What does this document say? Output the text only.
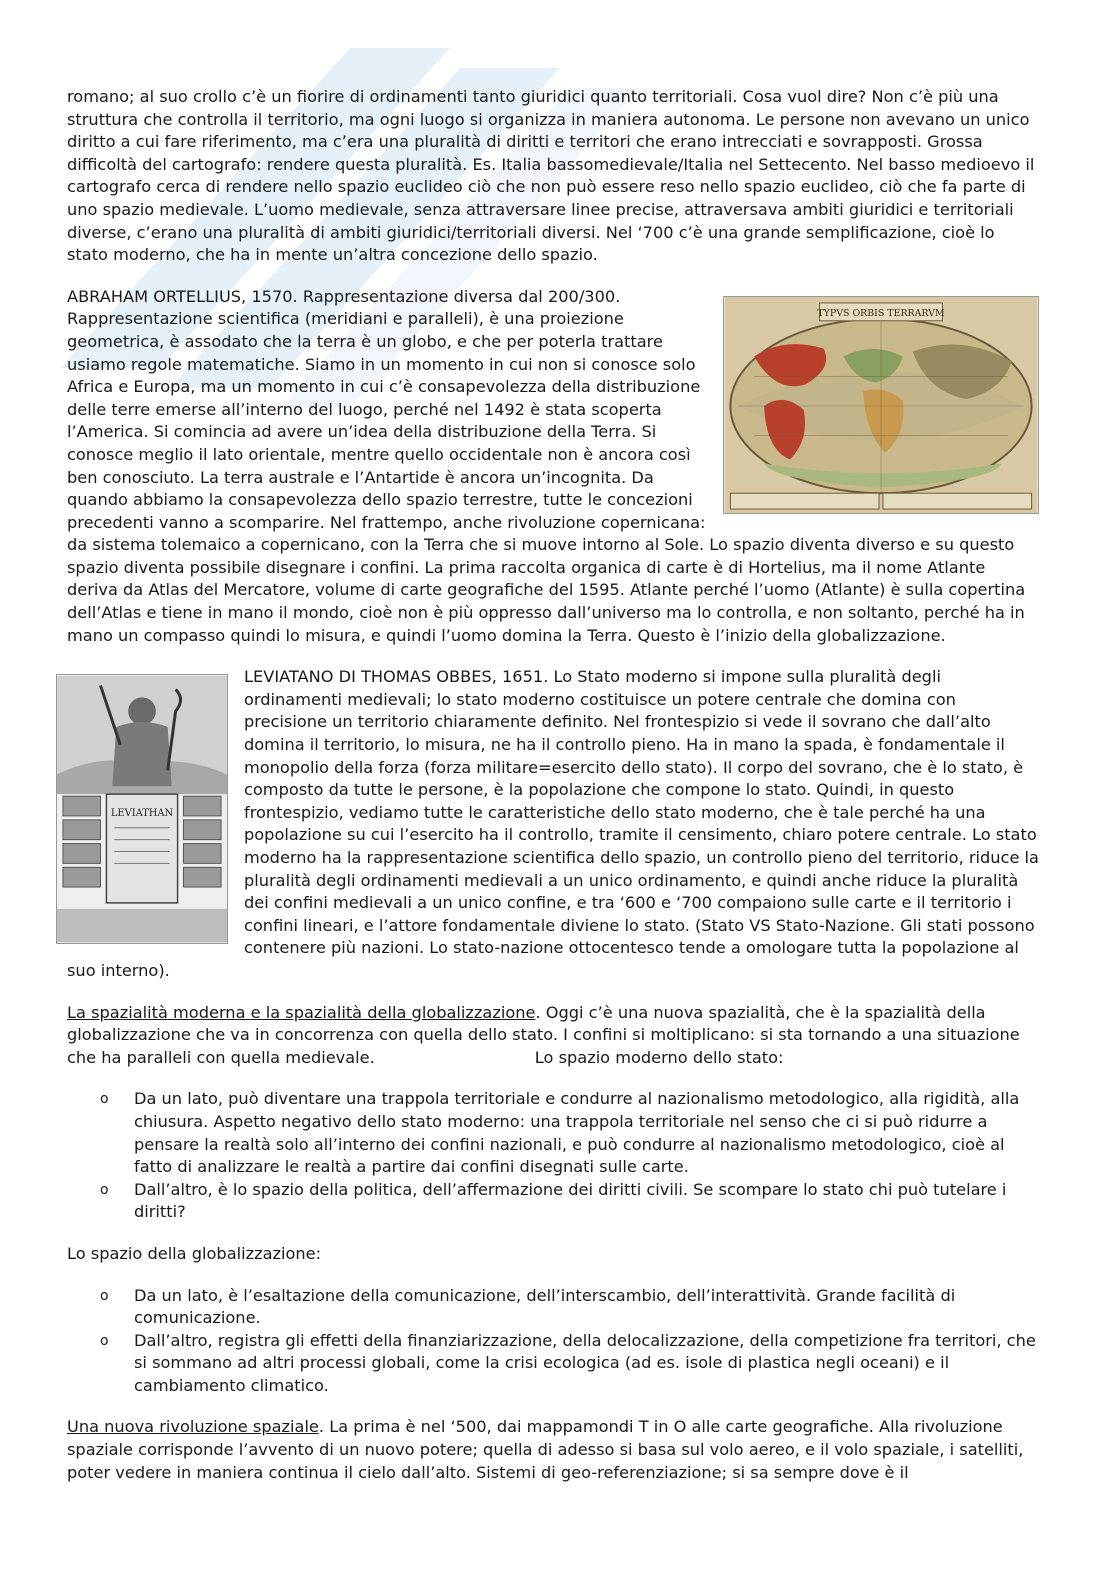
romano; al suo crollo c’è un fiorire di ordinamenti tanto giuridici quanto territoriali. Cosa vuol dire? Non c’è più una struttura che controlla il territorio, ma ogni luogo si organizza in maniera autonoma. Le persone non avevano un unico diritto a cui fare riferimento, ma c’era una pluralità di diritti e territori che erano intrecciati e sovrapposti. Grossa difficoltà del cartografo: rendere questa pluralità. Es. Italia bassomedievale/Italia nel Settecento. Nel basso medioevo il cartografo cerca di rendere nello spazio euclideo ciò che non può essere reso nello spazio euclideo, ciò che fa parte di uno spazio medievale. L’uomo medievale, senza attraversare linee precise, attraversava ambiti giuridici e territoriali diverse, c’erano una pluralità di ambiti giuridici/territoriali diversi. Nel ‘700 c’è una grande semplificazione, cioè lo stato moderno, che ha in mente un’altra concezione dello spazio.

TYPVS ORBIS TERRARVM

ABRAHAM ORTELLIUS, 1570. Rappresentazione diversa dal 200/300. Rappresentazione scientifica (meridiani e paralleli), è una proiezione geometrica, è assodato che la terra è un globo, e che per poterla trattare usiamo regole matematiche. Siamo in un momento in cui non si conosce solo Africa e Europa, ma un momento in cui c’è consapevolezza della distribuzione delle terre emerse all’interno del luogo, perché nel 1492 è stata scoperta l’America. Si comincia ad avere un’idea della distribuzione della Terra. Si conosce meglio il lato orientale, mentre quello occidentale non è ancora così ben conosciuto. La terra australe e l’Antartide è ancora un’incognita. Da quando abbiamo la consapevolezza dello spazio terrestre, tutte le concezioni precedenti vanno a scomparire. Nel frattempo, anche rivoluzione copernicana: da sistema tolemaico a copernicano, con la Terra che si muove intorno al Sole. Lo spazio diventa diverso e su questo spazio diventa possibile disegnare i confini. La prima raccolta organica di carte è di Hortelius, ma il nome Atlante deriva da Atlas del Mercatore, volume di carte geografiche del 1595. Atlante perché l’uomo (Atlante) è sulla copertina dell’Atlas e tiene in mano il mondo, cioè non è più oppresso dall’universo ma lo controlla, e non soltanto, perché ha in mano un compasso quindi lo misura, e quindi l’uomo domina la Terra. Questo è l’inizio della globalizzazione.

LEVIATHAN

LEVIATANO DI THOMAS OBBES, 1651. Lo Stato moderno si impone sulla pluralità degli ordinamenti medievali; lo stato moderno costituisce un potere centrale che domina con precisione un territorio chiaramente definito. Nel frontespizio si vede il sovrano che dall’alto domina il territorio, lo misura, ne ha il controllo pieno. Ha in mano la spada, è fondamentale il monopolio della forza (forza militare=esercito dello stato). Il corpo del sovrano, che è lo stato, è composto da tutte le persone, è la popolazione che compone lo stato. Quindi, in questo frontespizio, vediamo tutte le caratteristiche dello stato moderno, che è tale perché ha una popolazione su cui l’esercito ha il controllo, tramite il censimento, chiaro potere centrale. Lo stato moderno ha la rappresentazione scientifica dello spazio, un controllo pieno del territorio, riduce la pluralità degli ordinamenti medievali a un unico ordinamento, e quindi anche riduce la pluralità dei confini medievali a un unico confine, e tra ‘600 e ‘700 compaiono sulle carte e il territorio i confini lineari, e l’attore fondamentale diviene lo stato. (Stato VS Stato-Nazione. Gli stati possono contenere più nazioni. Lo stato-nazione ottocentesco tende a omologare tutta la popolazione al suo interno).

La spazialità moderna e la spazialità della globalizzazione. Oggi c’è una nuova spazialità, che è la spazialità della globalizzazione che va in concorrenza con quella dello stato. I confini si moltiplicano: si sta tornando a una situazione che ha paralleli con quella medievale.	Lo spazio moderno dello stato:

o Da un lato, può diventare una trappola territoriale e condurre al nazionalismo metodologico, alla rigidità, alla chiusura. Aspetto negativo dello stato moderno: una trappola territoriale nel senso che ci si può ridurre a pensare la realtà solo all’interno dei confini nazionali, e può condurre al nazionalismo metodologico, cioè al fatto di analizzare le realtà a partire dai confini disegnati sulle carte.
o Dall’altro, è lo spazio della politica, dell’affermazione dei diritti civili. Se scompare lo stato chi può tutelare i diritti?

Lo spazio della globalizzazione:

o Da un lato, è l’esaltazione della comunicazione, dell’interscambio, dell’interattività. Grande facilità di comunicazione.
o Dall’altro, registra gli effetti della finanziarizzazione, della delocalizzazione, della competizione fra territori, che si sommano ad altri processi globali, come la crisi ecologica (ad es. isole di plastica negli oceani) e il cambiamento climatico.

Una nuova rivoluzione spaziale. La prima è nel ‘500, dai mappamondi T in O alle carte geografiche. Alla rivoluzione spaziale corrisponde l’avvento di un nuovo potere; quella di adesso si basa sul volo aereo, e il volo spaziale, i satelliti, poter vedere in maniera continua il cielo dall’alto. Sistemi di geo-referenziazione; si sa sempre dove è il
